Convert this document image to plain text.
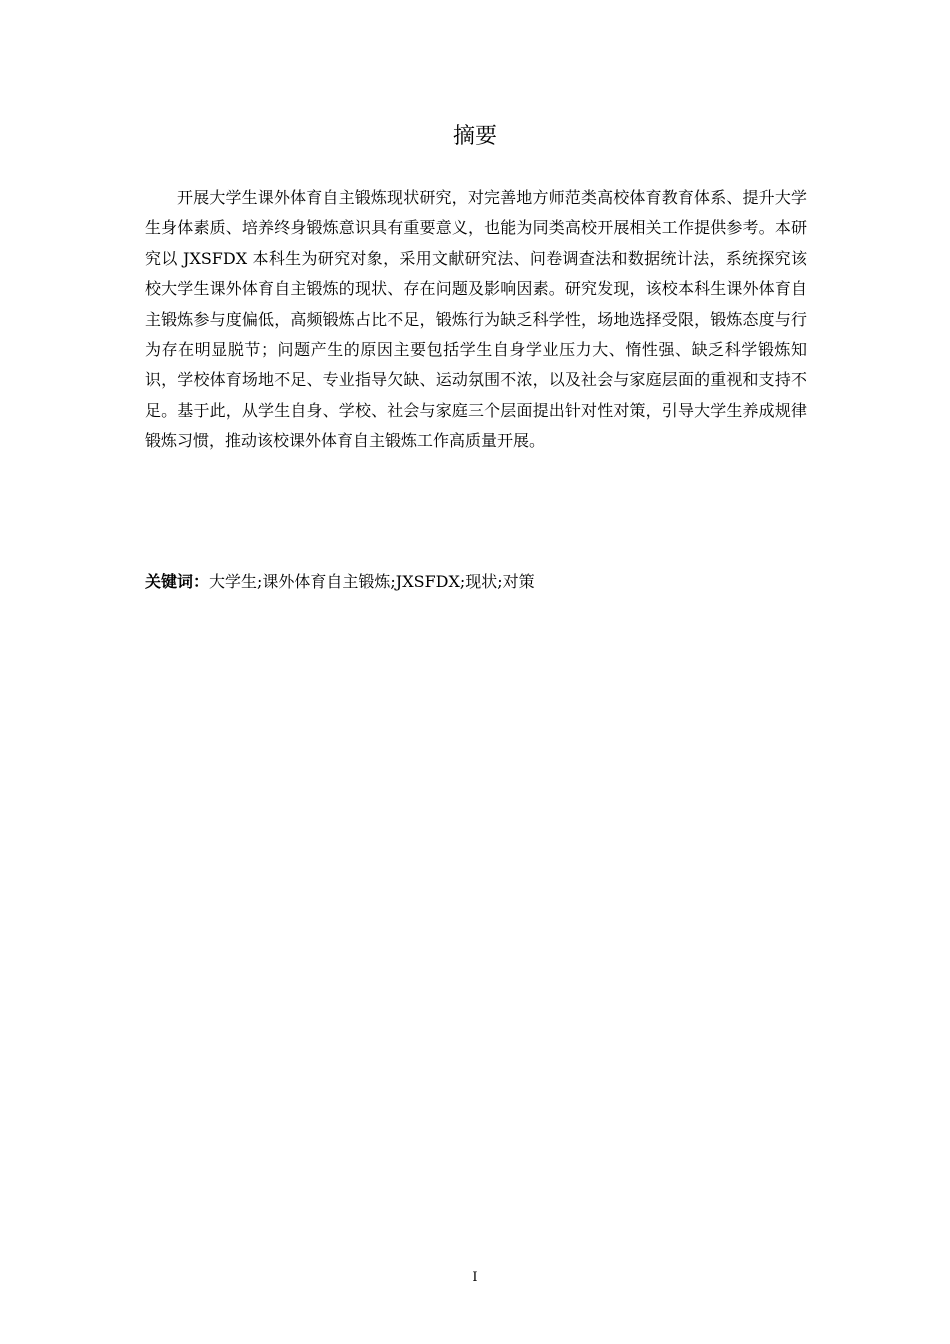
摘要

开展大学生课外体育自主锻炼现状研究，对完善地方师范类高校体育教育体系、提升大学生身体素质、培养终身锻炼意识具有重要意义，也能为同类高校开展相关工作提供参考。本研究以 JXSFDX 本科生为研究对象，采用文献研究法、问卷调查法和数据统计法，系统探究该校大学生课外体育自主锻炼的现状、存在问题及影响因素。研究发现，该校本科生课外体育自主锻炼参与度偏低，高频锻炼占比不足，锻炼行为缺乏科学性，场地选择受限，锻炼态度与行为存在明显脱节；问题产生的原因主要包括学生自身学业压力大、惰性强、缺乏科学锻炼知识，学校体育场地不足、专业指导欠缺、运动氛围不浓，以及社会与家庭层面的重视和支持不足。基于此，从学生自身、学校、社会与家庭三个层面提出针对性对策，引导大学生养成规律锻炼习惯，推动该校课外体育自主锻炼工作高质量开展。

关键词：大学生;课外体育自主锻炼;JXSFDX;现状;对策

I
